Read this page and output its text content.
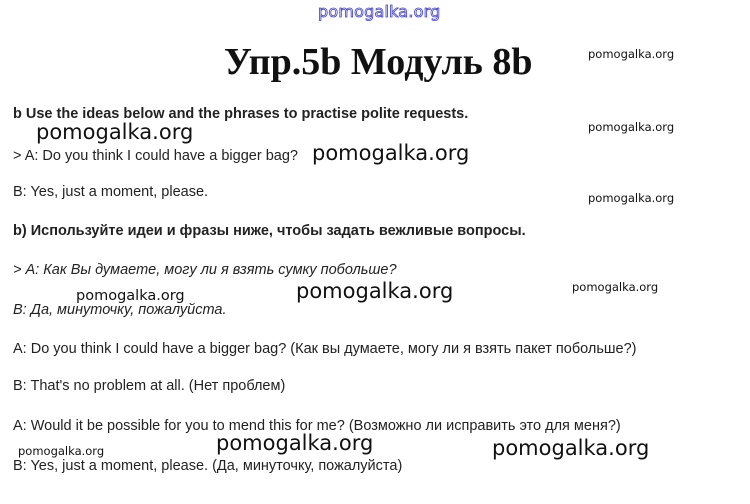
pomogalka.org
Упр.5b Модуль 8b	pomogalka.org
b Use the ideas below and the phrases to practise polite requests.
pomogalka.org	pomogalka.org
> A: Do you think I could have a bigger bag? pomogalka.org
B: Yes, just a moment, please.	pomogalka.org
b) Используйте идеи и фразы ниже, чтобы задать вежливые вопросы.
> А: Как Вы думаете, могу ли я взять сумку побольше?
pomogalka.org	pomogalka.org	pomogalka.org
В: Да, минуточку, пожалуйста.
A: Do you think I could have a bigger bag? (Как вы думаете, могу ли я взять пакет побольше?)
B: That's no problem at all. (Нет проблем)
A: Would it be possible for you to mend this for me? (Возможно ли исправить это для меня?)
pomogalka.org	pomogalka.org	pomogalka.org
B: Yes, just a moment, please. (Да, минуточку, пожалуйста)
